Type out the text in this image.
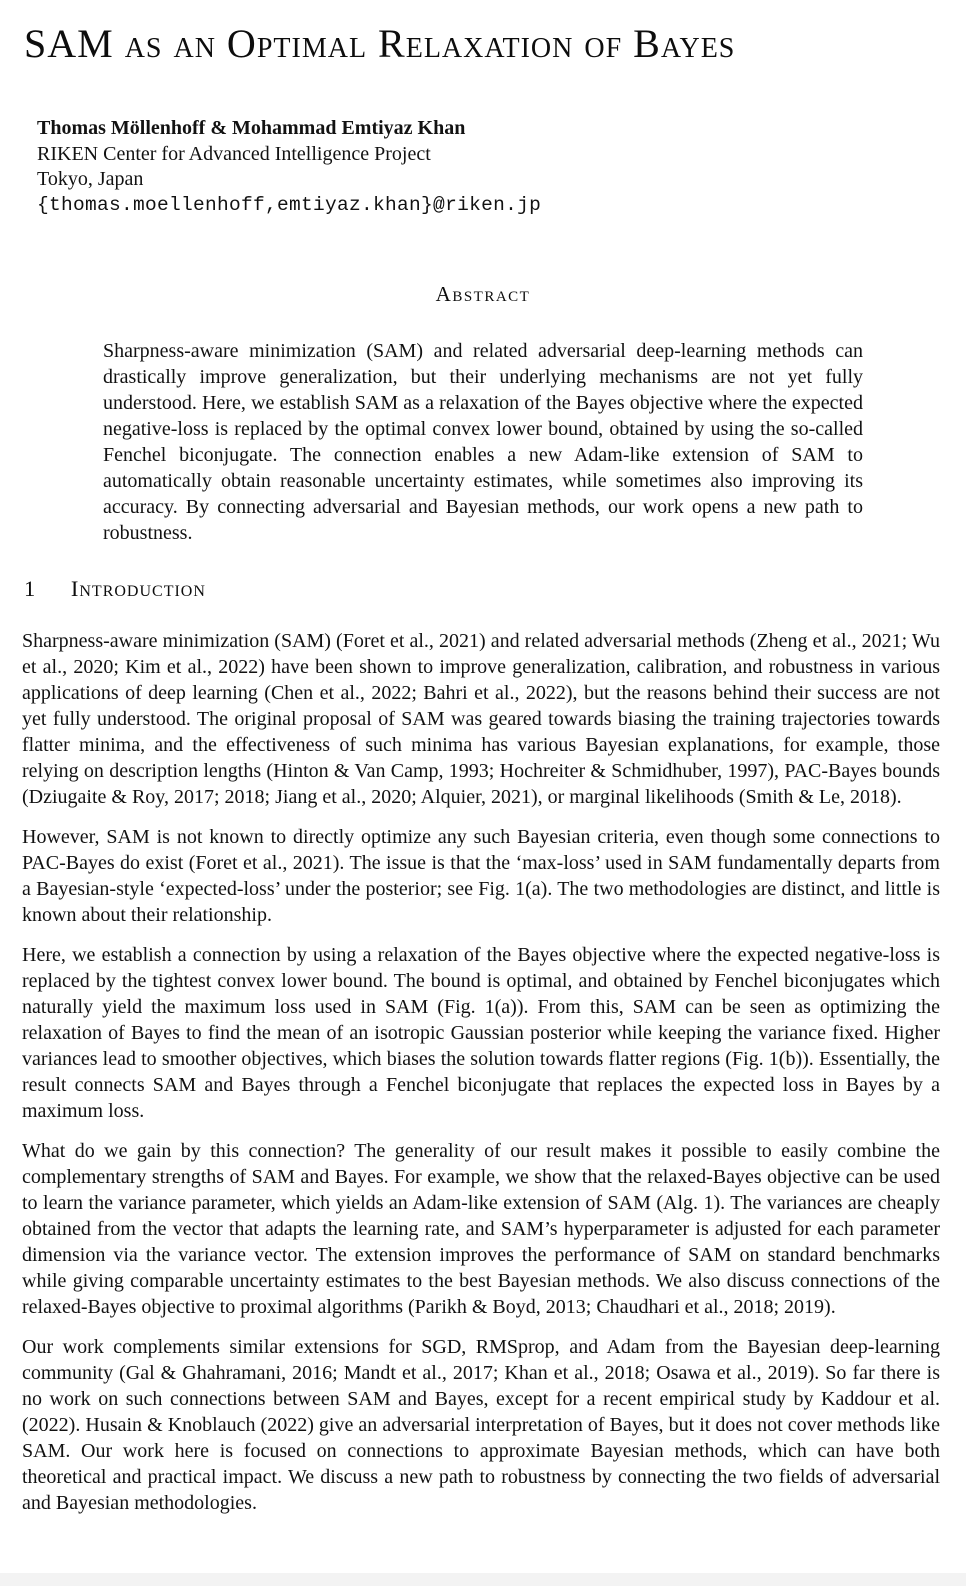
SAM as an Optimal Relaxation of Bayes

Thomas Möllenhoff & Mohammad Emtiyaz Khan

RIKEN Center for Advanced Intelligence Project

Tokyo, Japan

{thomas.moellenhoff,emtiyaz.khan}@riken.jp

Abstract

Sharpness-aware minimization (SAM) and related adversarial deep-learning methods can drastically improve generalization, but their underlying mechanisms are not yet fully understood. Here, we establish SAM as a relaxation of the Bayes objective where the expected negative-loss is replaced by the optimal convex lower bound, obtained by using the so-called Fenchel biconjugate. The connection enables a new Adam-like extension of SAM to automatically obtain reasonable uncertainty estimates, while sometimes also improving its accuracy. By connecting adversarial and Bayesian methods, our work opens a new path to robustness.

1 Introduction

Sharpness-aware minimization (SAM) (Foret et al., 2021) and related adversarial methods (Zheng et al., 2021; Wu et al., 2020; Kim et al., 2022) have been shown to improve generalization, calibration, and robustness in various applications of deep learning (Chen et al., 2022; Bahri et al., 2022), but the reasons behind their success are not yet fully understood. The original proposal of SAM was geared towards biasing the training trajectories towards flatter minima, and the effectiveness of such minima has various Bayesian explanations, for example, those relying on description lengths (Hinton & Van Camp, 1993; Hochreiter & Schmidhuber, 1997), PAC-Bayes bounds (Dziugaite & Roy, 2017; 2018; Jiang et al., 2020; Alquier, 2021), or marginal likelihoods (Smith & Le, 2018).

However, SAM is not known to directly optimize any such Bayesian criteria, even though some connections to PAC-Bayes do exist (Foret et al., 2021). The issue is that the ‘max-loss’ used in SAM fundamentally departs from a Bayesian-style ‘expected-loss’ under the posterior; see Fig. 1(a). The two methodologies are distinct, and little is known about their relationship.

Here, we establish a connection by using a relaxation of the Bayes objective where the expected negative-loss is replaced by the tightest convex lower bound. The bound is optimal, and obtained by Fenchel biconjugates which naturally yield the maximum loss used in SAM (Fig. 1(a)). From this, SAM can be seen as optimizing the relaxation of Bayes to find the mean of an isotropic Gaussian posterior while keeping the variance fixed. Higher variances lead to smoother objectives, which biases the solution towards flatter regions (Fig. 1(b)). Essentially, the result connects SAM and Bayes through a Fenchel biconjugate that replaces the expected loss in Bayes by a maximum loss.

What do we gain by this connection? The generality of our result makes it possible to easily combine the complementary strengths of SAM and Bayes. For example, we show that the relaxed-Bayes objective can be used to learn the variance parameter, which yields an Adam-like extension of SAM (Alg. 1). The variances are cheaply obtained from the vector that adapts the learning rate, and SAM’s hyperparameter is adjusted for each parameter dimension via the variance vector. The extension improves the performance of SAM on standard benchmarks while giving comparable uncertainty estimates to the best Bayesian methods. We also discuss connections of the relaxed-Bayes objective to proximal algorithms (Parikh & Boyd, 2013; Chaudhari et al., 2018; 2019).

Our work complements similar extensions for SGD, RMSprop, and Adam from the Bayesian deep-learning community (Gal & Ghahramani, 2016; Mandt et al., 2017; Khan et al., 2018; Osawa et al., 2019). So far there is no work on such connections between SAM and Bayes, except for a recent empirical study by Kaddour et al. (2022). Husain & Knoblauch (2022) give an adversarial interpretation of Bayes, but it does not cover methods like SAM. Our work here is focused on connections to approximate Bayesian methods, which can have both theoretical and practical impact. We discuss a new path to robustness by connecting the two fields of adversarial and Bayesian methodologies.
